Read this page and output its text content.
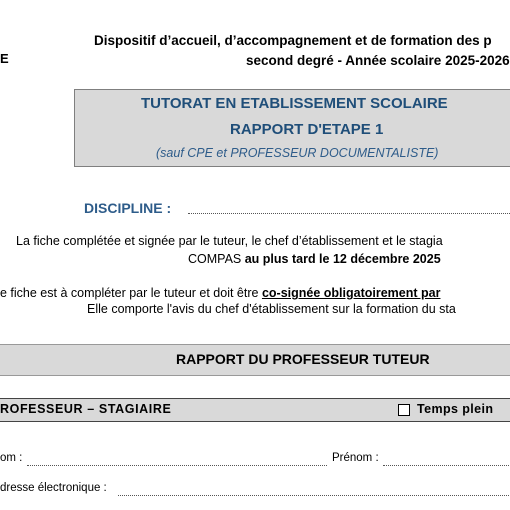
Dispositif d’accueil, d’accompagnement et de formation des p
second degré - Année scolaire 2025-2026
E
TUTORAT EN ETABLISSEMENT SCOLAIRE
RAPPORT D'ETAPE 1
(sauf CPE et PROFESSEUR DOCUMENTALISTE)
DISCIPLINE :
La fiche complétée et signée par le tuteur, le chef d’établissement et le stagia
COMPAS au plus tard le 12 décembre 2025
e fiche est à compléter par le tuteur et doit être co-signée obligatoirement par
Elle comporte l'avis du chef d'établissement sur la formation du sta
RAPPORT DU PROFESSEUR TUTEUR
ROFESSEUR – STAGIAIRE	Temps plein
om :	Prénom :
dresse électronique :
